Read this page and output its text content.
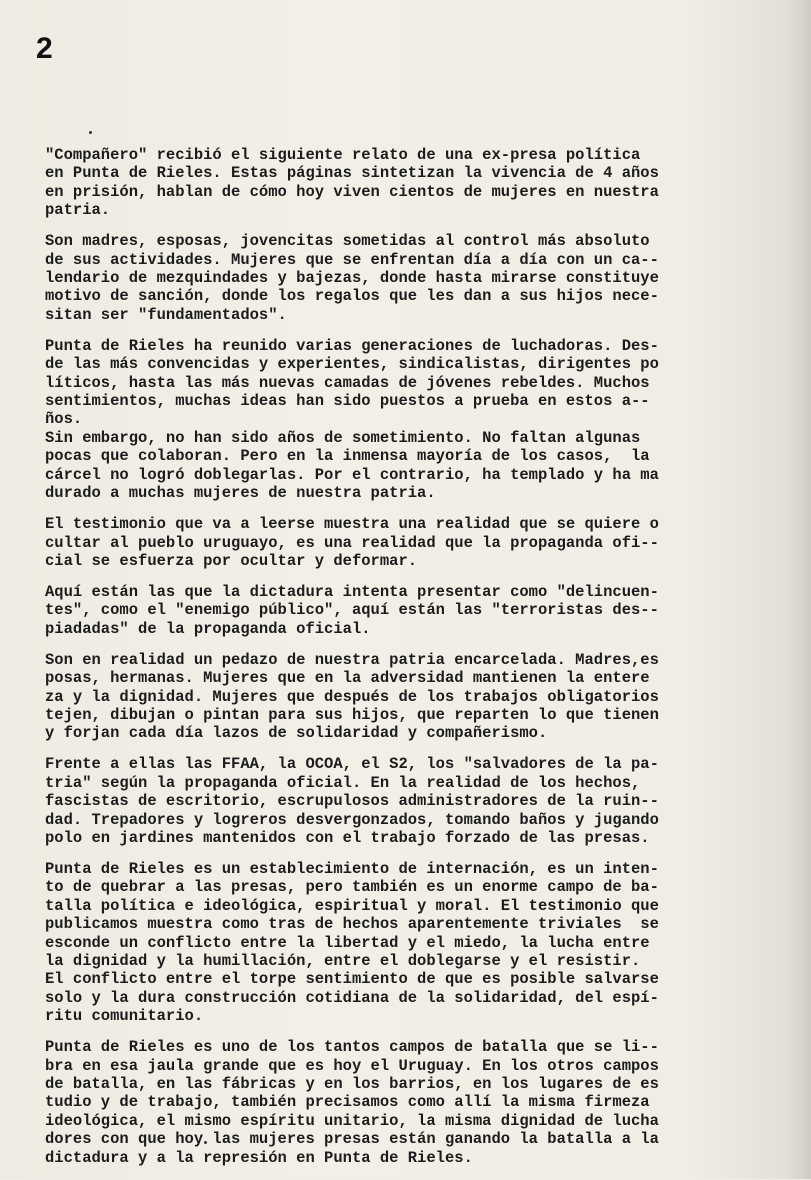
2

"Compañero" recibió el siguiente relato de una ex-presa política
en Punta de Rieles. Estas páginas sintetizan la vivencia de 4 años
en prisión, hablan de cómo hoy viven cientos de mujeres en nuestra
patria.

Son madres, esposas, jovencitas sometidas al control más absoluto
de sus actividades. Mujeres que se enfrentan día a día con un ca--
lendario de mezquindades y bajezas, donde hasta mirarse constituye
motivo de sanción, donde los regalos que les dan a sus hijos nece-
sitan ser "fundamentados".

Punta de Rieles ha reunido varias generaciones de luchadoras. Des-
de las más convencidas y experientes, sindicalistas, dirigentes po
líticos, hasta las más nuevas camadas de jóvenes rebeldes. Muchos
sentimientos, muchas ideas han sido puestos a prueba en estos a--
ños.

Sin embargo, no han sido años de sometimiento. No faltan algunas
pocas que colaboran. Pero en la inmensa mayoría de los casos,  la
cárcel no logró doblegarlas. Por el contrario, ha templado y ha ma
durado a muchas mujeres de nuestra patria.

El testimonio que va a leerse muestra una realidad que se quiere o
cultar al pueblo uruguayo, es una realidad que la propaganda ofi--
cial se esfuerza por ocultar y deformar.

Aquí están las que la dictadura intenta presentar como "delincuen-
tes", como el "enemigo público", aquí están las "terroristas des--
piadadas" de la propaganda oficial.

Son en realidad un pedazo de nuestra patria encarcelada. Madres,es
posas, hermanas. Mujeres que en la adversidad mantienen la entere
za y la dignidad. Mujeres que después de los trabajos obligatorios
tejen, dibujan o pintan para sus hijos, que reparten lo que tienen
y forjan cada día lazos de solidaridad y compañerismo.

Frente a ellas las FFAA, la OCOA, el S2, los "salvadores de la pa-
tria" según la propaganda oficial. En la realidad de los hechos,
fascistas de escritorio, escrupulosos administradores de la ruin--
dad. Trepadores y logreros desvergonzados, tomando baños y jugando
polo en jardines mantenidos con el trabajo forzado de las presas.

Punta de Rieles es un establecimiento de internación, es un inten-
to de quebrar a las presas, pero también es un enorme campo de ba-
talla política e ideológica, espiritual y moral. El testimonio que
publicamos muestra como tras de hechos aparentemente triviales  se
esconde un conflicto entre la libertad y el miedo, la lucha entre
la dignidad y la humillación, entre el doblegarse y el resistir.
El conflicto entre el torpe sentimiento de que es posible salvarse
solo y la dura construcción cotidiana de la solidaridad, del espí-
ritu comunitario.

Punta de Rieles es uno de los tantos campos de batalla que se li--
bra en esa jaula grande que es hoy el Uruguay. En los otros campos
de batalla, en las fábricas y en los barrios, en los lugares de es
tudio y de trabajo, también precisamos como allí la misma firmeza
ideológica, el mismo espíritu unitario, la misma dignidad de lucha
dores con que hoy las mujeres presas están ganando la batalla a la
dictadura y a la represión en Punta de Rieles.
